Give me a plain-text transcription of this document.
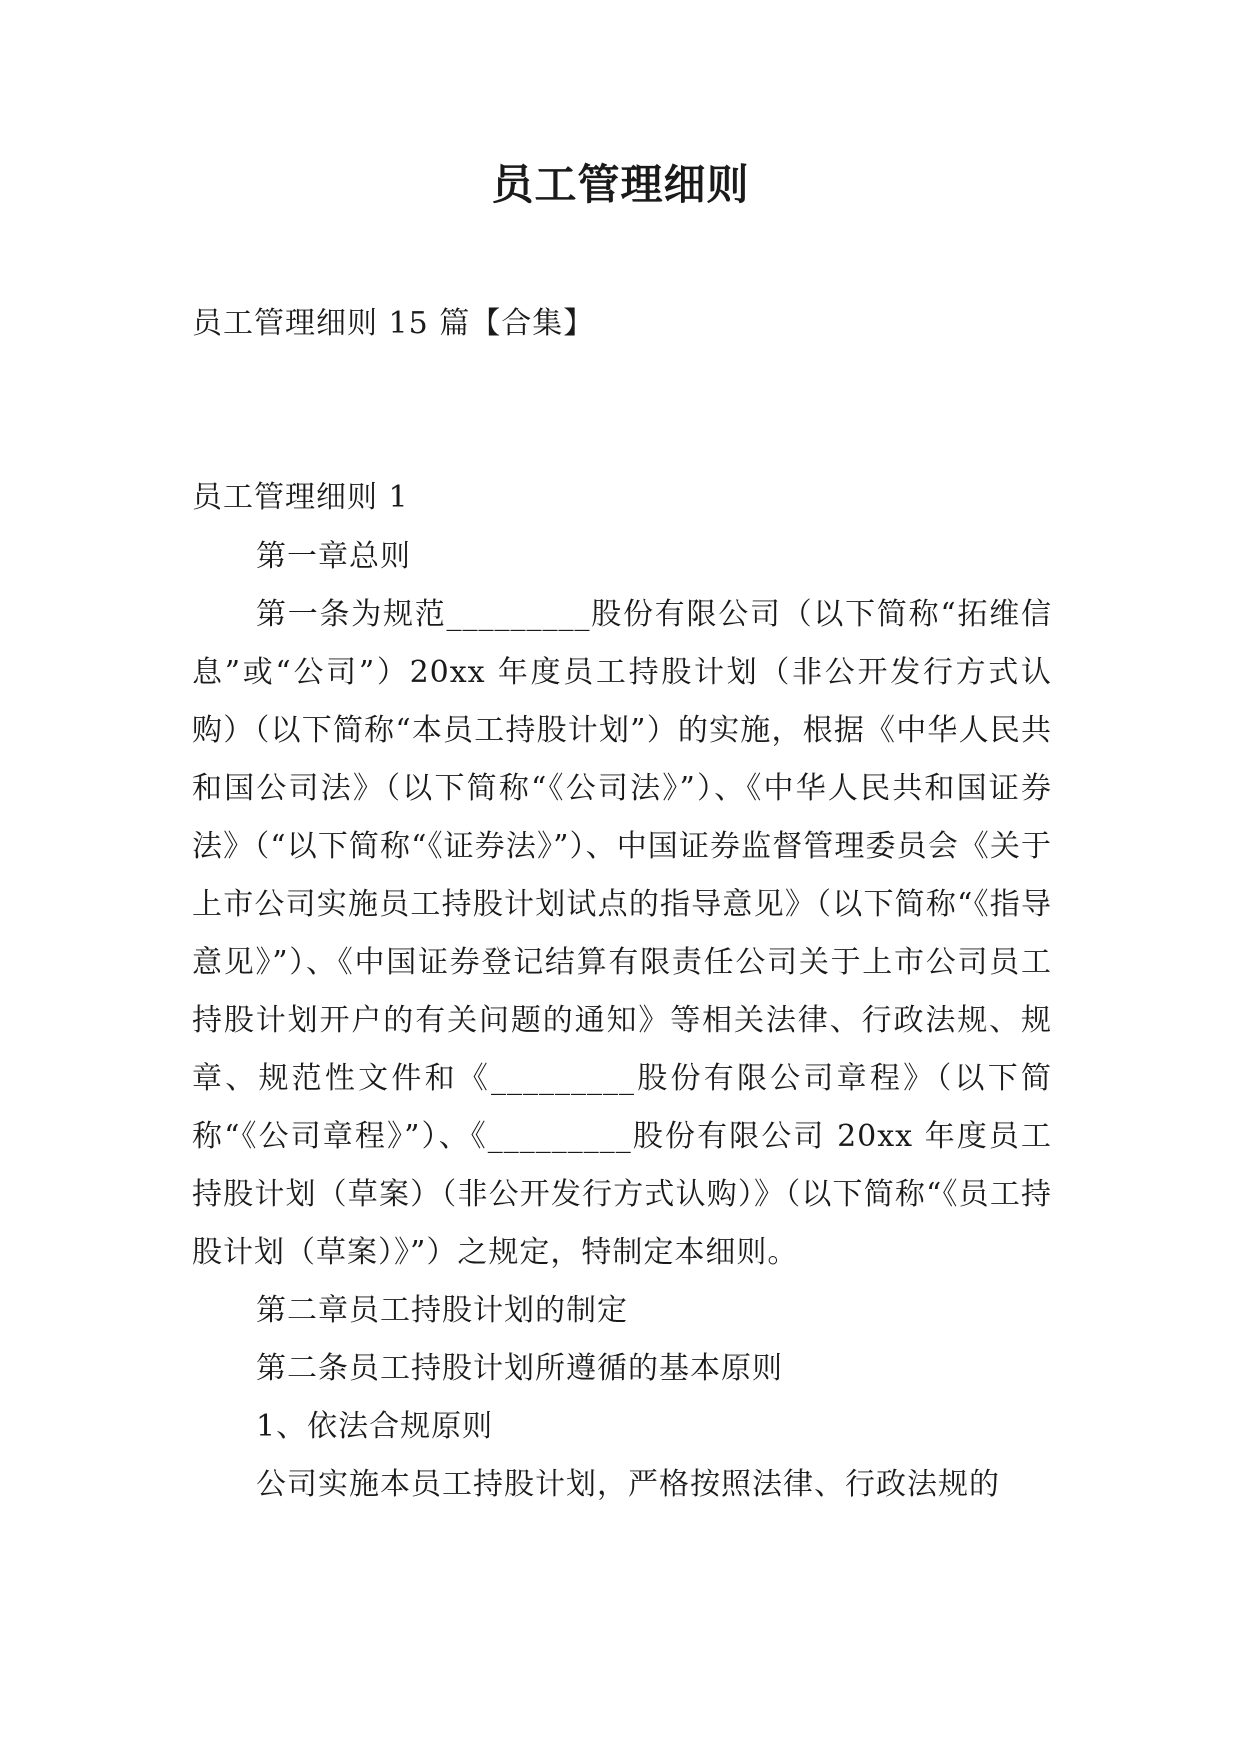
员工管理细则
员工管理细则 15 篇【合集】
员工管理细则 1

第一章总则

第一条为规范_________股份有限公司（以下简称“拓维信息”或“公司”）20xx 年度员工持股计划（非公开发行方式认购）（以下简称“本员工持股计划”）的实施，根据《中华人民共和国公司法》（以下简称“《公司法》”）、《中华人民共和国证券法》（“以下简称“《证券法》”）、中国证券监督管理委员会《关于上市公司实施员工持股计划试点的指导意见》（以下简称“《指导意见》”）、《中国证券登记结算有限责任公司关于上市公司员工持股计划开户的有关问题的通知》等相关法律、行政法规、规章、规范性文件和《_________股份有限公司章程》（以下简称“《公司章程》”）、《_________股份有限公司 20xx 年度员工持股计划（草案）（非公开发行方式认购）》（以下简称“《员工持股计划（草案）》”）之规定，特制定本细则。

第二章员工持股计划的制定

第二条员工持股计划所遵循的基本原则

1、依法合规原则

公司实施本员工持股计划，严格按照法律、行政法规的
